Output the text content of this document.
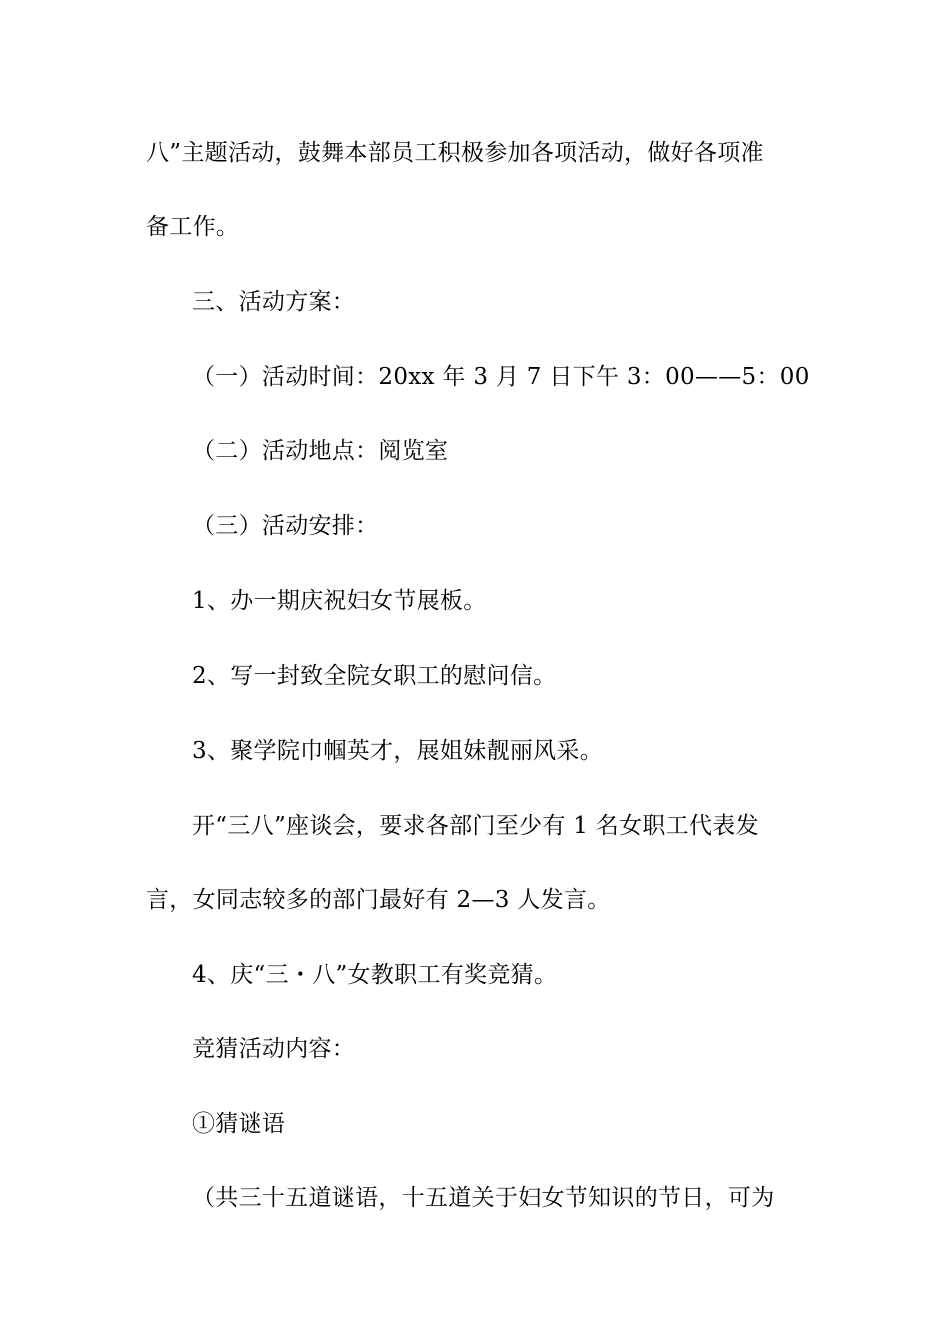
八”主题活动，鼓舞本部员工积极参加各项活动，做好各项准
备工作。
三、活动方案：
（一）活动时间：20xx 年 3 月 7 日下午 3：00——5：00
（二）活动地点：阅览室
（三）活动安排：
1、办一期庆祝妇女节展板。
2、写一封致全院女职工的慰问信。
3、聚学院巾帼英才，展姐妹靓丽风采。
开“三八”座谈会，要求各部门至少有 1 名女职工代表发
言，女同志较多的部门最好有 2—3 人发言。
4、庆“三・八”女教职工有奖竞猜。
竞猜活动内容：
①猜谜语
（共三十五道谜语，十五道关于妇女节知识的节日，可为
